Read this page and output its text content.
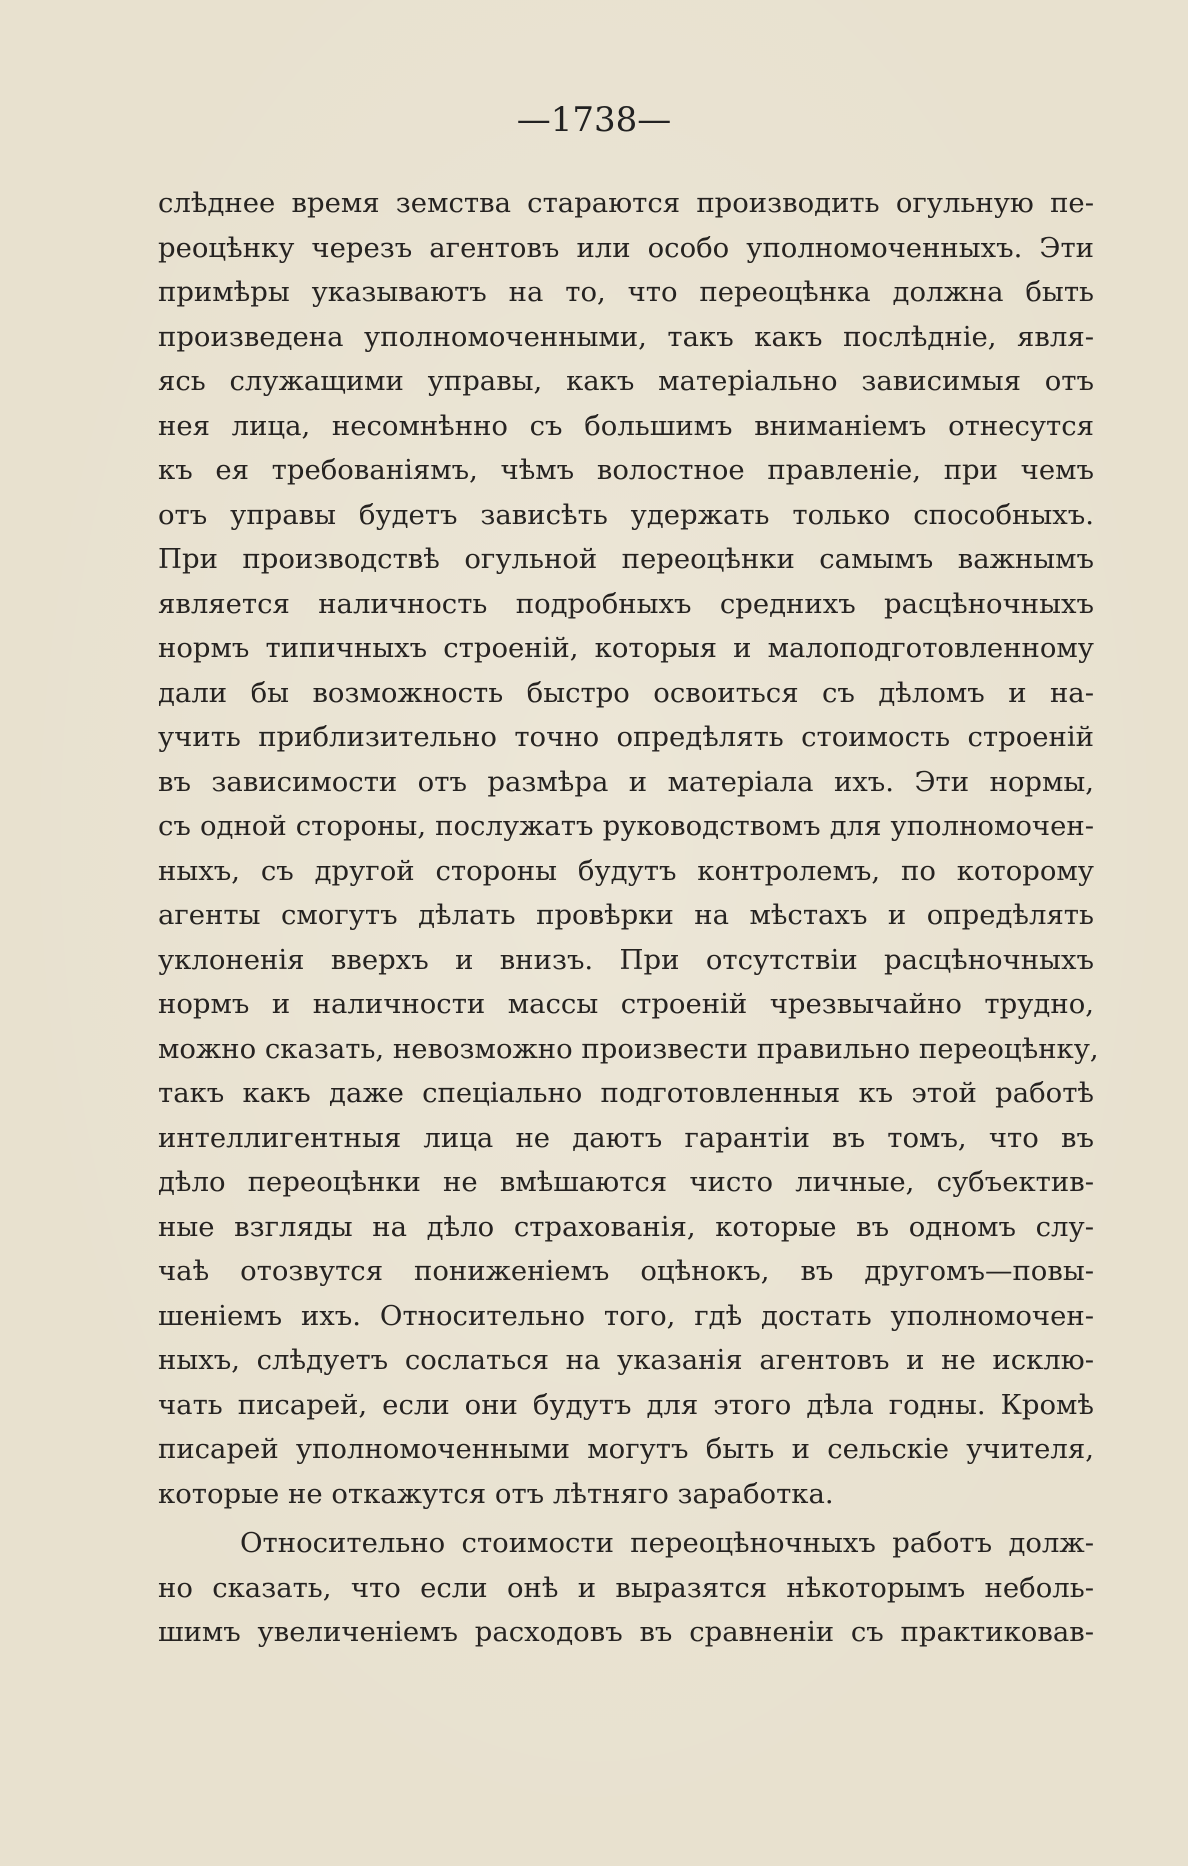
—1738—
слѣднее время земства стараются производить огульную пе-
реоцѣнку черезъ агентовъ или особо уполномоченныхъ. Эти
примѣры указываютъ на то, что переоцѣнка должна быть
произведена уполномоченными, такъ какъ послѣдніе, явля-
ясь служащими управы, какъ матеріально зависимыя отъ
нея лица, несомнѣнно съ большимъ вниманіемъ отнесутся
къ ея требованіямъ, чѣмъ волостное правленіе, при чемъ
отъ управы будетъ зависѣть удержать только способныхъ.
При производствѣ огульной переоцѣнки самымъ важнымъ
является наличность подробныхъ среднихъ расцѣночныхъ
нормъ типичныхъ строеній, которыя и малоподготовленному
дали бы возможность быстро освоиться съ дѣломъ и на-
учить приблизительно точно опредѣлять стоимость строеній
въ зависимости отъ размѣра и матеріала ихъ. Эти нормы,
съ одной стороны, послужатъ руководствомъ для уполномочен-
ныхъ, съ другой стороны будутъ контролемъ, по которому
агенты смогутъ дѣлать провѣрки на мѣстахъ и опредѣлять
уклоненія вверхъ и внизъ. При отсутствіи расцѣночныхъ
нормъ и наличности массы строеній чрезвычайно трудно,
можно сказать, невозможно произвести правильно переоцѣнку,
такъ какъ даже спеціально подготовленныя къ этой работѣ
интеллигентныя лица не даютъ гарантіи въ томъ, что въ
дѣло переоцѣнки не вмѣшаются чисто личные, субъектив-
ные взгляды на дѣло страхованія, которые въ одномъ слу-
чаѣ отозвутся пониженіемъ оцѣнокъ, въ другомъ—повы-
шеніемъ ихъ. Относительно того, гдѣ достать уполномочен-
ныхъ, слѣдуетъ сослаться на указанія агентовъ и не исклю-
чать писарей, если они будутъ для этого дѣла годны. Кромѣ
писарей уполномоченными могутъ быть и сельскіе учителя,
которые не откажутся отъ лѣтняго заработка.
Относительно стоимости переоцѣночныхъ работъ долж-
но сказать, что если онѣ и выразятся нѣкоторымъ неболь-
шимъ увеличеніемъ расходовъ въ сравненіи съ практиковав-
